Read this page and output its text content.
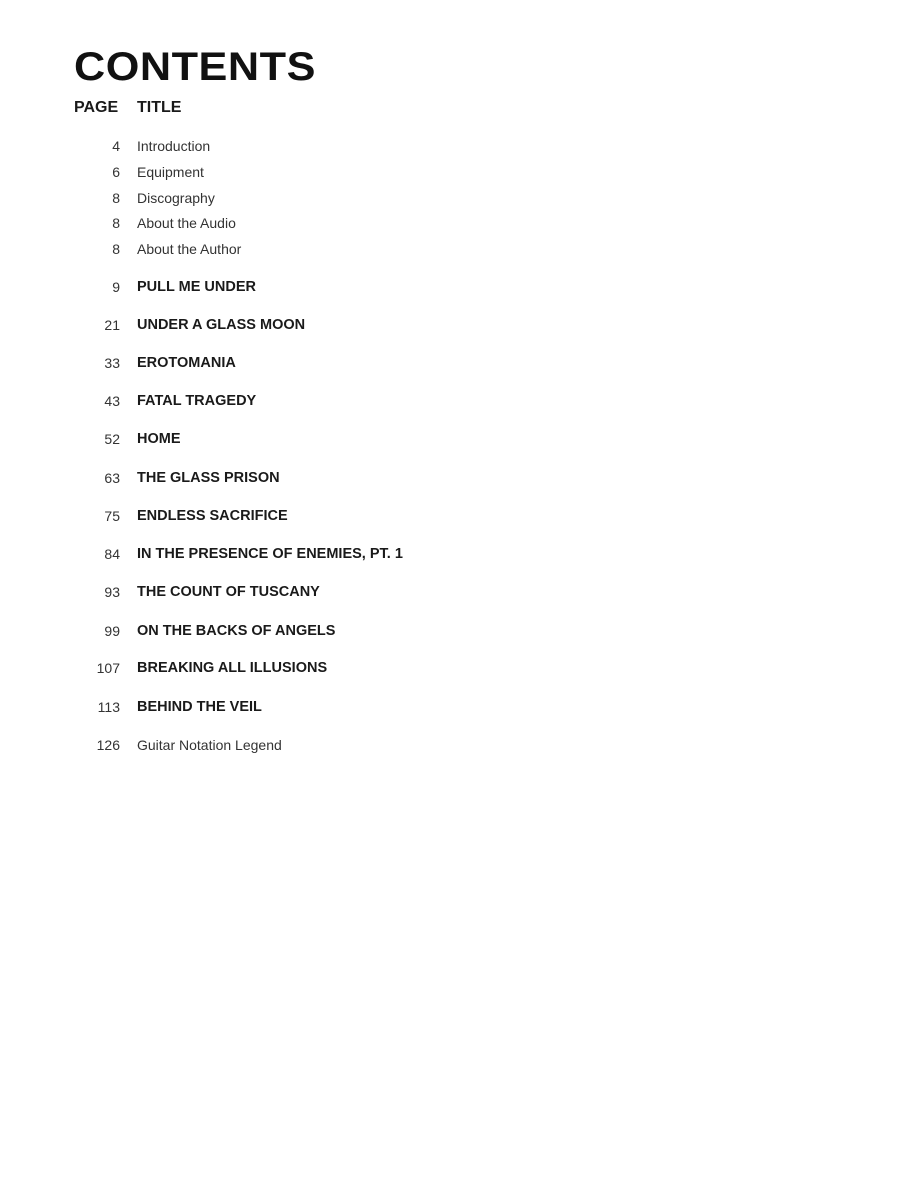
CONTENTS
PAGE TITLE
4 Introduction
6 Equipment
8 Discography
8 About the Audio
8 About the Author
9 PULL ME UNDER
21 UNDER A GLASS MOON
33 EROTOMANIA
43 FATAL TRAGEDY
52 HOME
63 THE GLASS PRISON
75 ENDLESS SACRIFICE
84 IN THE PRESENCE OF ENEMIES, PT. 1
93 THE COUNT OF TUSCANY
99 ON THE BACKS OF ANGELS
107 BREAKING ALL ILLUSIONS
113 BEHIND THE VEIL
126 Guitar Notation Legend
